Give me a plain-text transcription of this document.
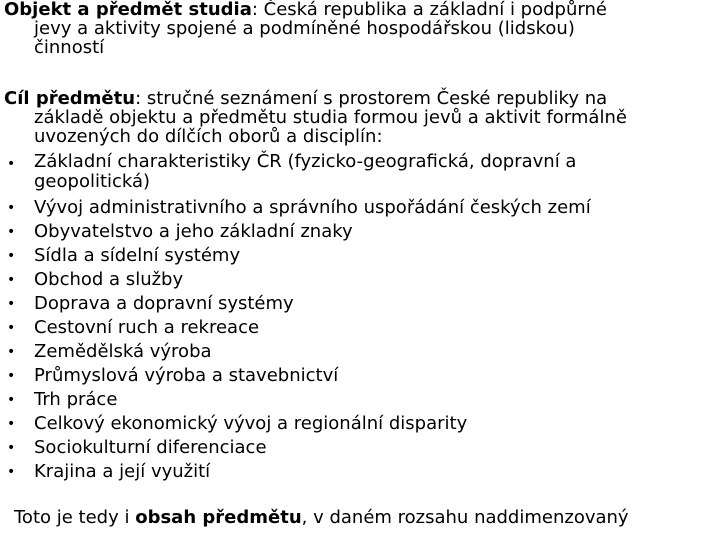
Objekt a předmět studia: Česká republika a základní i podpůrné
jevy a aktivity spojené a podmíněné hospodářskou (lidskou)
činností
Cíl předmětu: stručné seznámení s prostorem České republiky na
základě objektu a předmětu studia formou jevů a aktivit formálně
uvozených do dílčích oborů a disciplín:
• Základní charakteristiky ČR (fyzicko-geografická, dopravní a
geopolitická)
• Vývoj administrativního a správního uspořádání českých zemí
• Obyvatelstvo a jeho základní znaky
• Sídla a sídelní systémy
• Obchod a služby
• Doprava a dopravní systémy
• Cestovní ruch a rekreace
• Zemědělská výroba
• Průmyslová výroba a stavebnictví
• Trh práce
• Celkový ekonomický vývoj a regionální disparity
• Sociokulturní diferenciace
• Krajina a její využití
Toto je tedy i obsah předmětu, v daném rozsahu naddimenzovaný
